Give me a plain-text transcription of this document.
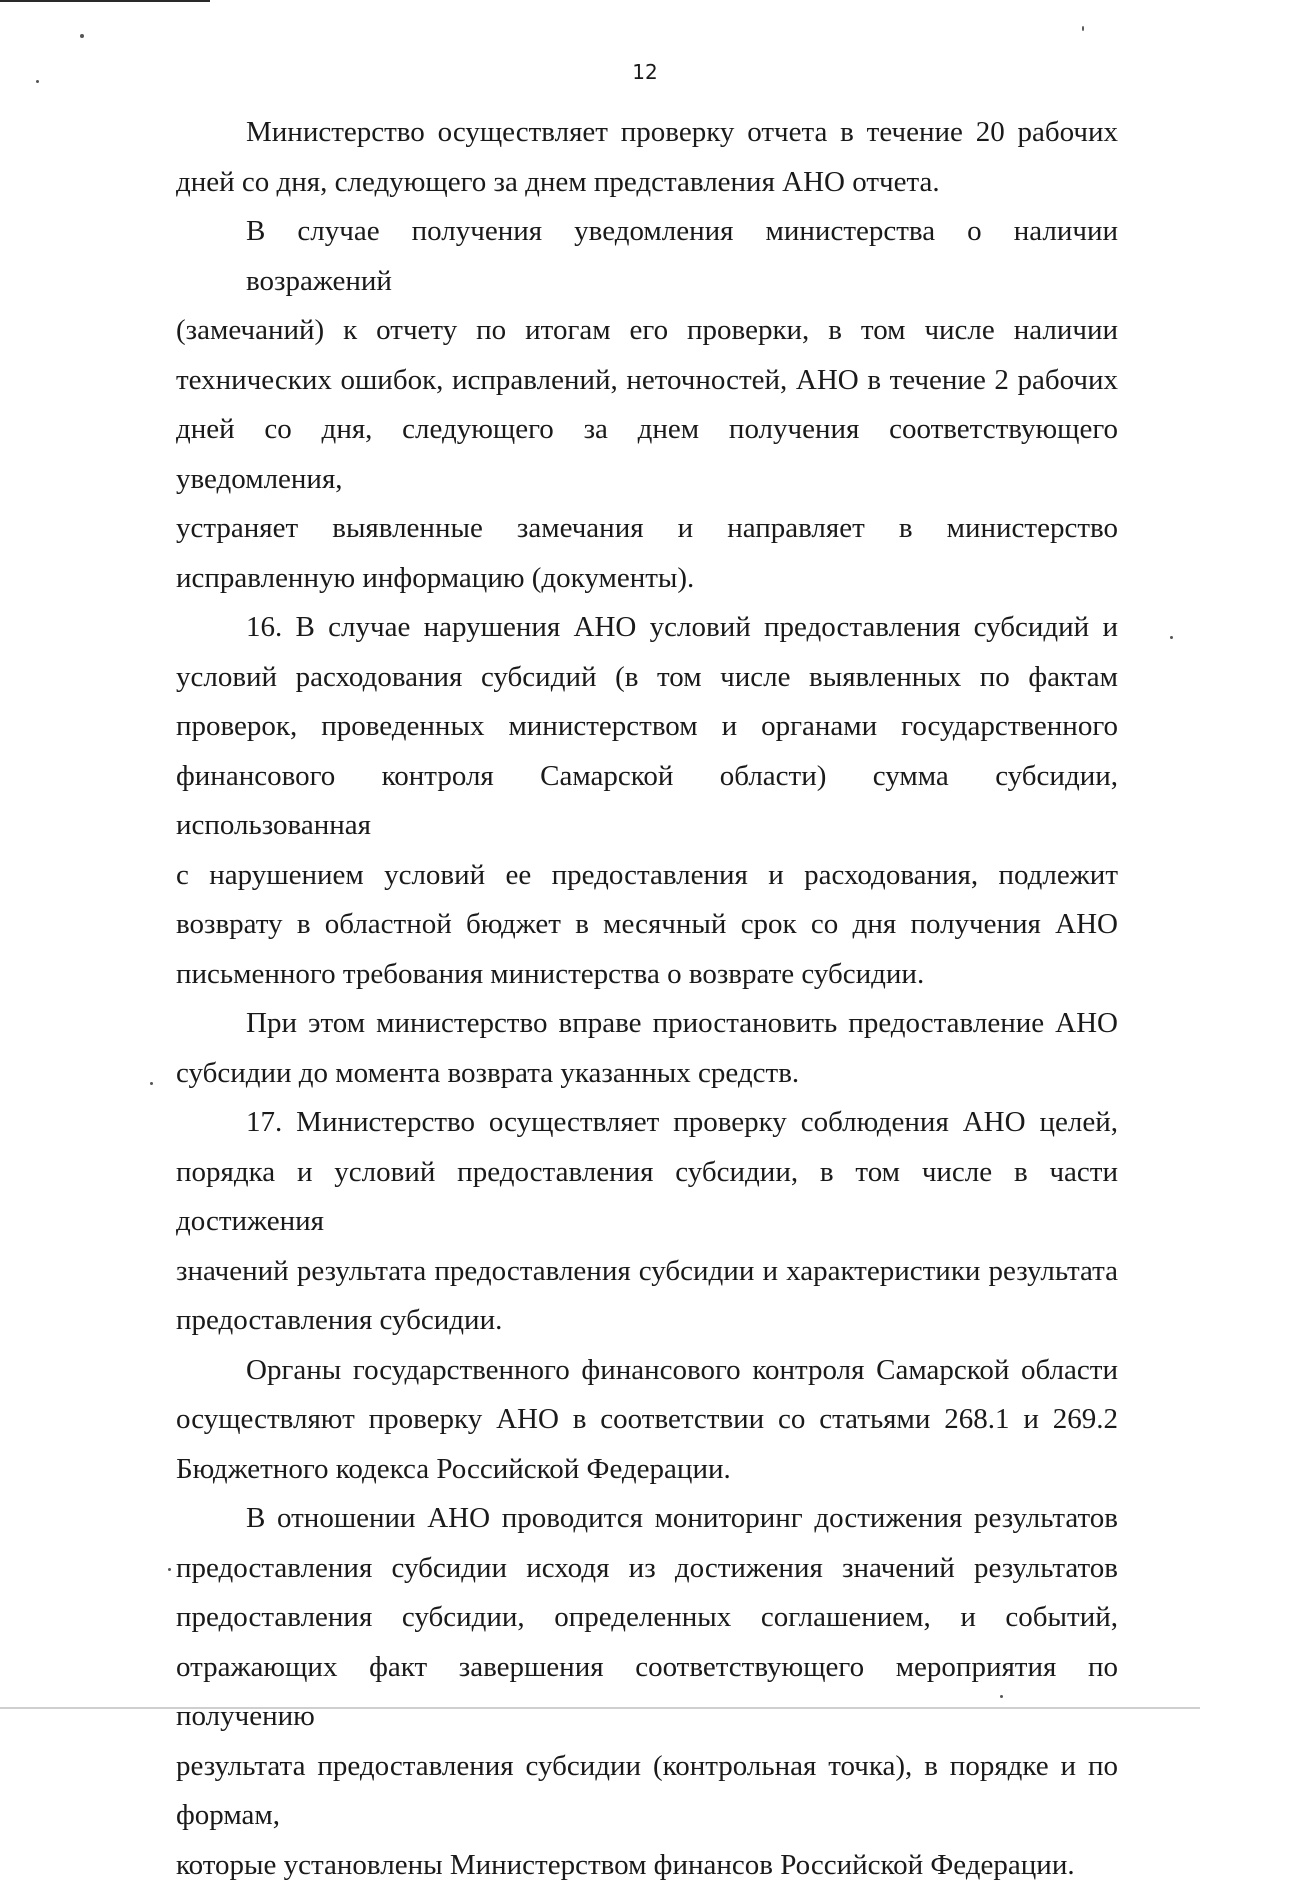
12
Министерство осуществляет проверку отчета в течение 20 рабочих
дней со дня, следующего за днем представления АНО отчета.
В случае получения уведомления министерства о наличии возражений
(замечаний) к отчету по итогам его проверки, в том числе наличии
технических ошибок, исправлений, неточностей, АНО в течение 2 рабочих
дней со дня, следующего за днем получения соответствующего уведомления,
устраняет выявленные замечания и направляет в министерство
исправленную информацию (документы).
16. В случае нарушения АНО условий предоставления субсидий и
условий расходования субсидий (в том числе выявленных по фактам
проверок, проведенных министерством и органами государственного
финансового контроля Самарской области) сумма субсидии, использованная
с нарушением условий ее предоставления и расходования, подлежит
возврату в областной бюджет в месячный срок со дня получения АНО
письменного требования министерства о возврате субсидии.
При этом министерство вправе приостановить предоставление АНО
субсидии до момента возврата указанных средств.
17. Министерство осуществляет проверку соблюдения АНО целей,
порядка и условий предоставления субсидии, в том числе в части достижения
значений результата предоставления субсидии и характеристики результата
предоставления субсидии.
Органы государственного финансового контроля Самарской области
осуществляют проверку АНО в соответствии со статьями 268.1 и 269.2
Бюджетного кодекса Российской Федерации.
В отношении АНО проводится мониторинг достижения результатов
предоставления субсидии исходя из достижения значений результатов
предоставления субсидии, определенных соглашением, и событий,
отражающих факт завершения соответствующего мероприятия по получению
результата предоставления субсидии (контрольная точка), в порядке и по формам,
которые установлены Министерством финансов Российской Федерации.
